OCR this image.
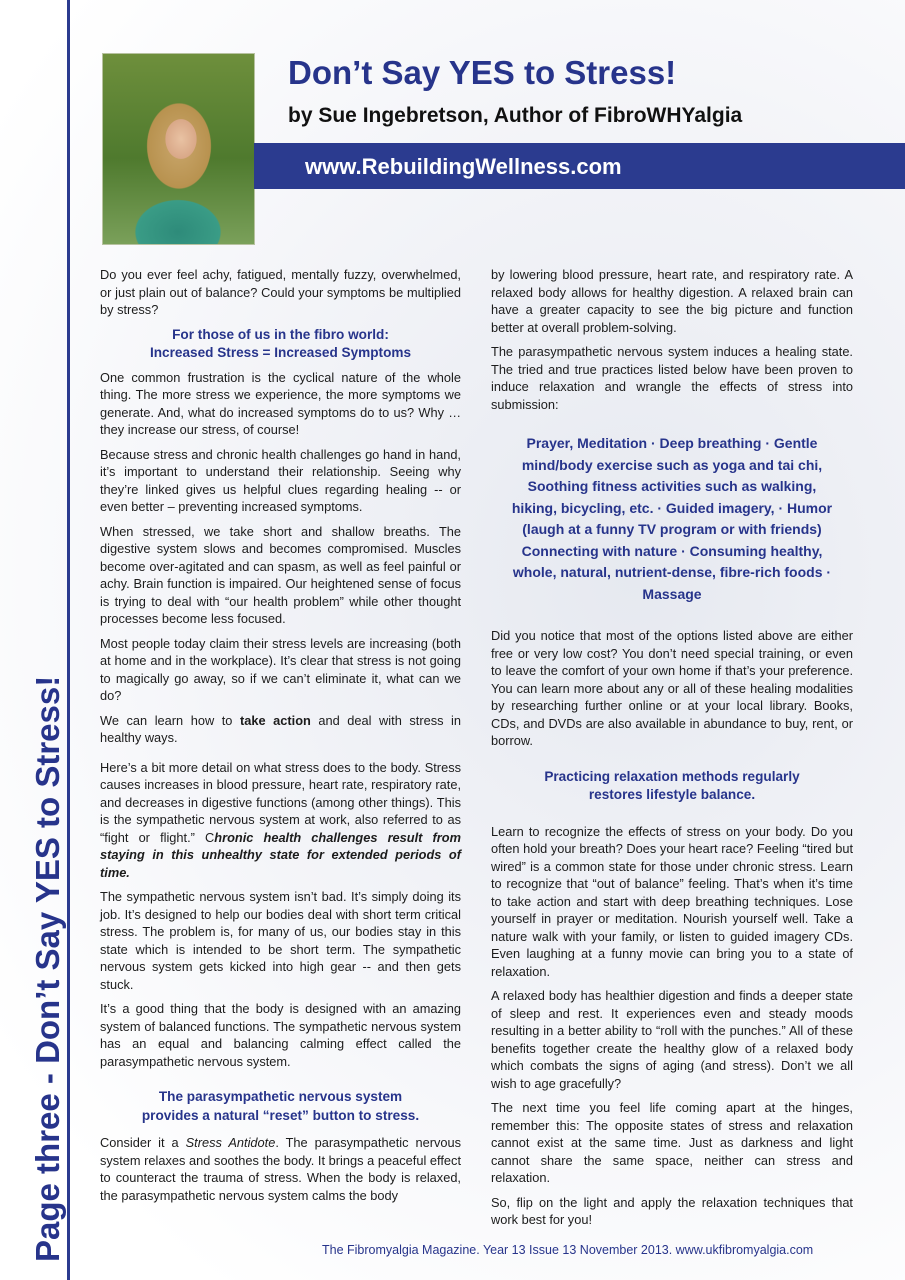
Page three - Don’t Say YES to Stress!
Don’t Say YES to Stress!
by Sue Ingebretson, Author of FibroWHYalgia
www.RebuildingWellness.com

Do you ever feel achy, fatigued, mentally fuzzy, overwhelmed, or just plain out of balance? Could your symptoms be multiplied by stress?

For those of us in the fibro world:
Increased Stress = Increased Symptoms

One common frustration is the cyclical nature of the whole thing. The more stress we experience, the more symptoms we generate. And, what do increased symptoms do to us? Why … they increase our stress, of course!

Because stress and chronic health challenges go hand in hand, it’s important to understand their relationship. Seeing why they’re linked gives us helpful clues regarding healing -- or even better – preventing increased symptoms.

When stressed, we take short and shallow breaths. The digestive system slows and becomes compromised. Muscles become over-agitated and can spasm, as well as feel painful or achy. Brain function is impaired. Our heightened sense of focus is trying to deal with “our health problem” while other thought processes become less focused.

Most people today claim their stress levels are increasing (both at home and in the workplace). It’s clear that stress is not going to magically go away, so if we can’t eliminate it, what can we do?

We can learn how to take action and deal with stress in healthy ways.

Here’s a bit more detail on what stress does to the body. Stress causes increases in blood pressure, heart rate, respiratory rate, and decreases in digestive functions (among other things). This is the sympathetic nervous system at work, also referred to as “fight or flight.” Chronic health challenges result from staying in this unhealthy state for extended periods of time.

The sympathetic nervous system isn’t bad. It’s simply doing its job. It’s designed to help our bodies deal with short term critical stress. The problem is, for many of us, our bodies stay in this state which is intended to be short term. The sympathetic nervous system gets kicked into high gear -- and then gets stuck.

It’s a good thing that the body is designed with an amazing system of balanced functions. The sympathetic nervous system has an equal and balancing calming effect called the parasympathetic nervous system.

The parasympathetic nervous system
provides a natural “reset” button to stress.

Consider it a Stress Antidote. The parasympathetic nervous system relaxes and soothes the body. It brings a peaceful effect to counteract the trauma of stress. When the body is relaxed, the parasympathetic nervous system calms the body

by lowering blood pressure, heart rate, and respiratory rate. A relaxed body allows for healthy digestion. A relaxed brain can have a greater capacity to see the big picture and function better at overall problem-solving.

The parasympathetic nervous system induces a healing state. The tried and true practices listed below have been proven to induce relaxation and wrangle the effects of stress into submission:

Prayer, Meditation · Deep breathing · Gentle mind/body exercise such as yoga and tai chi, Soothing fitness activities such as walking, hiking, bicycling, etc. · Guided imagery, · Humor (laugh at a funny TV program or with friends) Connecting with nature · Consuming healthy, whole, natural, nutrient-dense, fibre-rich foods · Massage

Did you notice that most of the options listed above are either free or very low cost? You don’t need special training, or even to leave the comfort of your own home if that’s your preference. You can learn more about any or all of these healing modalities by researching further online or at your local library. Books, CDs, and DVDs are also available in abundance to buy, rent, or borrow.

Practicing relaxation methods regularly
restores lifestyle balance.

Learn to recognize the effects of stress on your body. Do you often hold your breath? Does your heart race? Feeling “tired but wired” is a common state for those under chronic stress. Learn to recognize that “out of balance” feeling. That’s when it’s time to take action and start with deep breathing techniques. Lose yourself in prayer or meditation. Nourish yourself well. Take a nature walk with your family, or listen to guided imagery CDs. Even laughing at a funny movie can bring you to a state of relaxation.

A relaxed body has healthier digestion and finds a deeper state of sleep and rest. It experiences even and steady moods resulting in a better ability to “roll with the punches.” All of these benefits together create the healthy glow of a relaxed body which combats the signs of aging (and stress). Don’t we all wish to age gracefully?

The next time you feel life coming apart at the hinges, remember this: The opposite states of stress and relaxation cannot exist at the same time. Just as darkness and light cannot share the same space, neither can stress and relaxation.

So, flip on the light and apply the relaxation techniques that work best for you!

The Fibromyalgia Magazine. Year 13 Issue 13 November 2013. www.ukfibromyalgia.com
